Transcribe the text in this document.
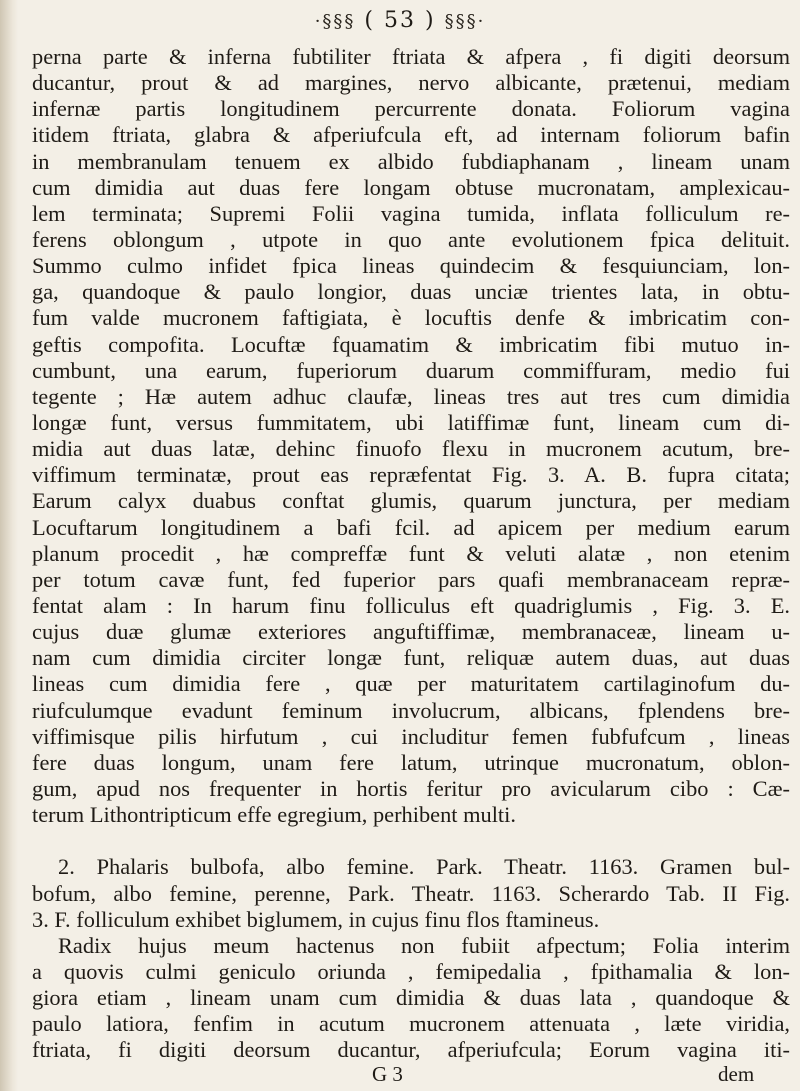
·§§§ ( 53 ) §§§·
perna parte & inferna fubtiliter ftriata & afpera , fi digiti deorsum
ducantur, prout & ad margines, nervo albicante, prætenui, mediam
infernæ partis longitudinem percurrente donata. Foliorum vagina
itidem ftriata, glabra & afperiufcula eft, ad internam foliorum bafin
in membranulam tenuem ex albido fubdiaphanam , lineam unam
cum dimidia aut duas fere longam obtuse mucronatam, amplexicau-
lem terminata; Supremi Folii vagina tumida, inflata folliculum re-
ferens oblongum , utpote in quo ante evolutionem fpica delituit.
Summo culmo infidet fpica lineas quindecim & fesquiunciam, lon-
ga, quandoque & paulo longior, duas unciæ trientes lata, in obtu-
fum valde mucronem faftigiata, è locuftis denfe & imbricatim con-
geftis compofita. Locuftæ fquamatim & imbricatim fibi mutuo in-
cumbunt, una earum, fuperiorum duarum commiffuram, medio fui
tegente ; Hæ autem adhuc claufæ, lineas tres aut tres cum dimidia
longæ funt, versus fummitatem, ubi latiffimæ funt, lineam cum di-
midia aut duas latæ, dehinc finuofo flexu in mucronem acutum, bre-
viffimum terminatæ, prout eas repræfentat Fig. 3. A. B. fupra citata;
Earum calyx duabus conftat glumis, quarum junctura, per mediam
Locuftarum longitudinem a bafi fcil. ad apicem per medium earum
planum procedit , hæ compreffæ funt & veluti alatæ , non etenim
per totum cavæ funt, fed fuperior pars quafi membranaceam repræ-
fentat alam : In harum finu folliculus eft quadriglumis , Fig. 3. E.
cujus duæ glumæ exteriores anguftiffimæ, membranaceæ, lineam u-
nam cum dimidia circiter longæ funt, reliquæ autem duas, aut duas
lineas cum dimidia fere , quæ per maturitatem cartilaginofum du-
riufculumque evadunt feminum involucrum, albicans, fplendens bre-
viffimisque pilis hirfutum , cui includitur femen fubfufcum , lineas
fere duas longum, unam fere latum, utrinque mucronatum, oblon-
gum, apud nos frequenter in hortis feritur pro avicularum cibo : Cæ-
terum Lithontripticum effe egregium, perhibent multi.
2. Phalaris bulbofa, albo femine. Park. Theatr. 1163. Gramen bul-
bofum, albo femine, perenne, Park. Theatr. 1163. Scherardo Tab. II Fig.
3. F. folliculum exhibet biglumem, in cujus finu flos ftamineus.
Radix hujus meum hactenus non fubiit afpectum; Folia interim
a quovis culmi geniculo oriunda , femipedalia , fpithamalia & lon-
giora etiam , lineam unam cum dimidia & duas lata , quandoque &
paulo latiora, fenfim in acutum mucronem attenuata , læte viridia,
ftriata, fi digiti deorsum ducantur, afperiufcula; Eorum vagina iti-
G 3	dem
